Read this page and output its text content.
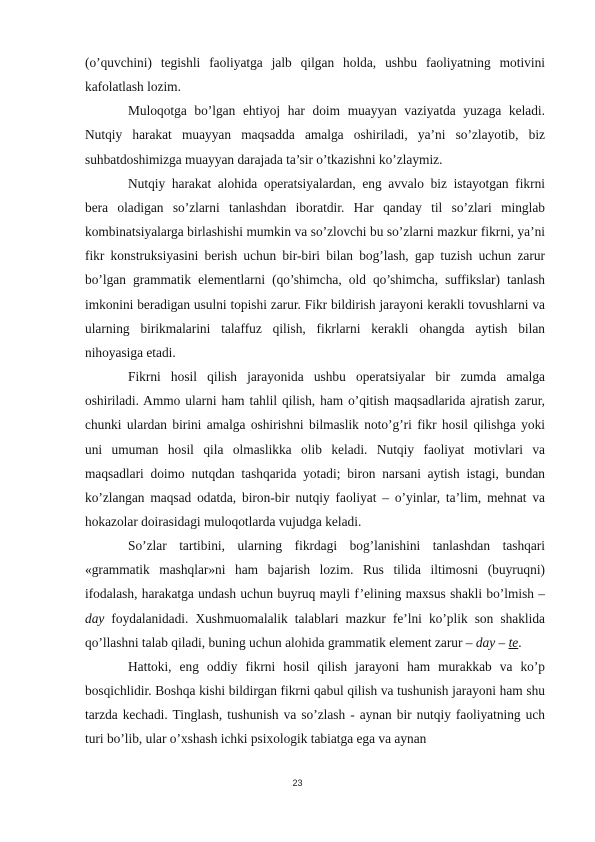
(o’quvchini) tegishli faoliyatga jalb qilgan holda, ushbu faoliyatning motivini kafolatlash lozim.

Muloqotga bo’lgan ehtiyoj har doim muayyan vaziyatda yuzaga keladi. Nutqiy harakat muayyan maqsadda amalga oshiriladi, ya’ni so’zlayotib, biz suhbatdoshimizga muayyan darajada ta’sir o’tkazishni ko’zlaymiz.

Nutqiy harakat alohida operatsiyalardan, eng avvalo biz istayotgan fikrni bera oladigan so’zlarni tanlashdan iboratdir. Har qanday til so’zlari minglab kombinatsiyalarga birlashishi mumkin va so’zlovchi bu so’zlarni mazkur fikrni, ya’ni fikr konstruksiyasini berish uchun bir-biri bilan bog’lash, gap tuzish uchun zarur bo’lgan grammatik elementlarni (qo’shimcha, old qo’shimcha, suffikslar) tanlash imkonini beradigan usulni topishi zarur. Fikr bildirish jarayoni kerakli tovushlarni va ularning birikmalarini talaffuz qilish, fikrlarni kerakli ohangda aytish bilan nihoyasiga etadi.

Fikrni hosil qilish jarayonida ushbu operatsiyalar bir zumda amalga oshiriladi. Ammo ularni ham tahlil qilish, ham o’qitish maqsadlarida ajratish zarur, chunki ulardan birini amalga oshirishni bilmaslik noto’g’ri fikr hosil qilishga yoki uni umuman hosil qila olmaslikka olib keladi. Nutqiy faoliyat motivlari va maqsadlari doimo nutqdan tashqarida yotadi; biron narsani aytish istagi, bundan ko’zlangan maqsad odatda, biron-bir nutqiy faoliyat – o’yinlar, ta’lim, mehnat va hokazolar doirasidagi muloqotlarda vujudga keladi.

So’zlar tartibini, ularning fikrdagi bog’lanishini tanlashdan tashqari «grammatik mashqlar»ni ham bajarish lozim. Rus tilida iltimosni (buyruqni) ifodalash, harakatga undash uchun buyruq mayli f’elining maxsus shakli bo’lmish – day foydalanidadi. Xushmuomalalik talablari mazkur fe’lni ko’plik son shaklida qo’llashni talab qiladi, buning uchun alohida grammatik element zarur – day – te.

Hattoki, eng oddiy fikrni hosil qilish jarayoni ham murakkab va ko’p bosqichlidir. Boshqa kishi bildirgan fikrni qabul qilish va tushunish jarayoni ham shu tarzda kechadi. Tinglash, tushunish va so’zlash - aynan bir nutqiy faoliyatning uch turi bo’lib, ular o’xshash ichki psixologik tabiatga ega va aynan

23
